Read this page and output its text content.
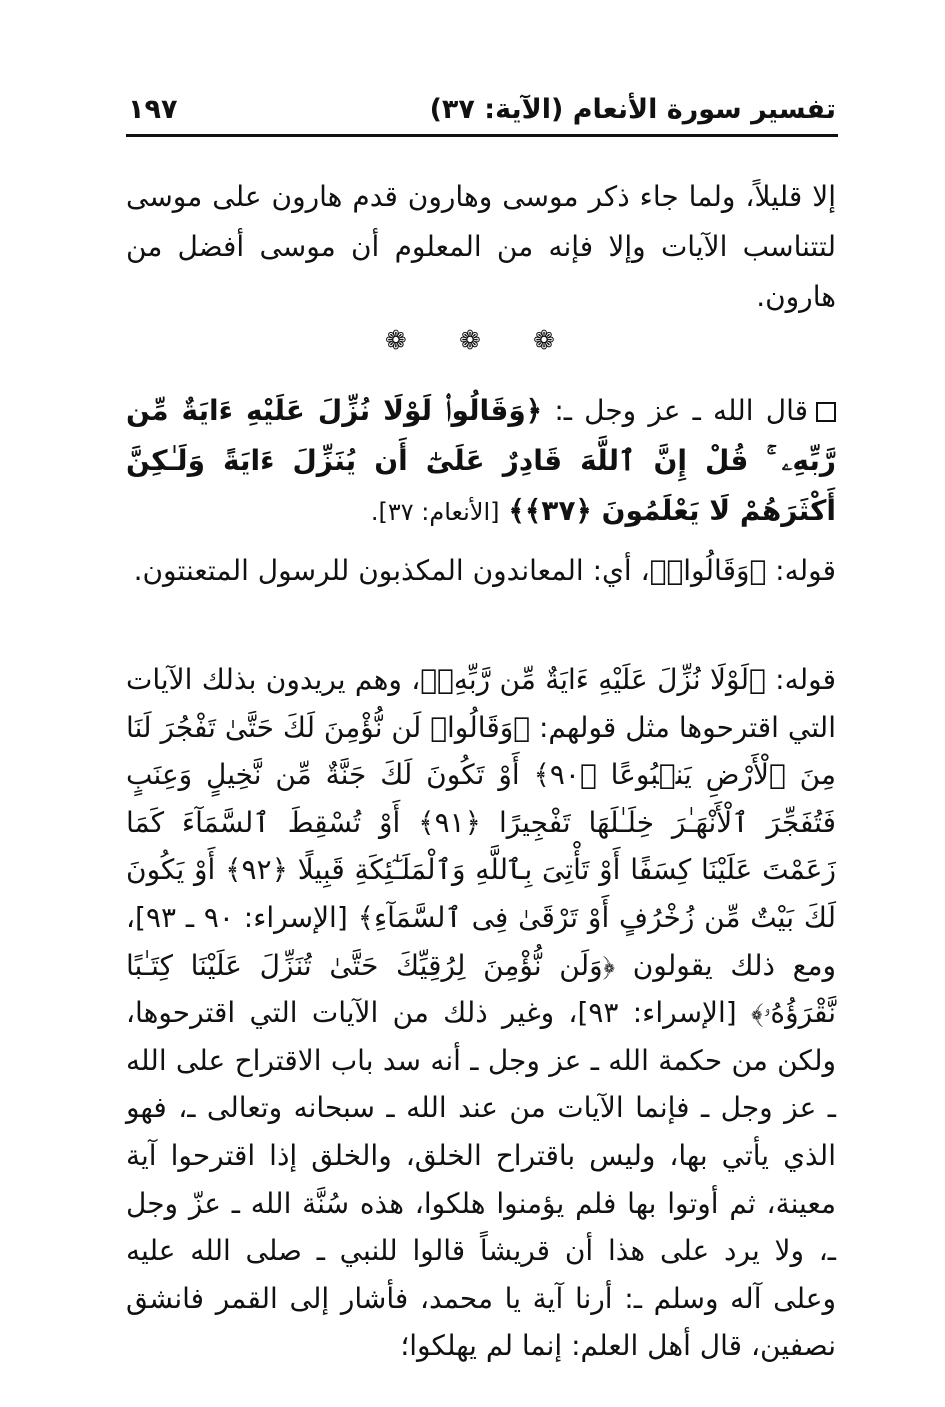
تفسير سورة الأنعام (الآية: ٣٧)
١٩٧

إلا قليلاً، ولما جاء ذكر موسى وهارون قدم هارون على موسى لتتناسب الآيات وإلا فإنه من المعلوم أن موسى أفضل من هارون.

❁ ❁ ❁

قال الله ـ عز وجل ـ: ﴿وَقَالُوا۟ لَوْلَا نُزِّلَ عَلَيْهِ ءَايَةٌ مِّن رَّبِّهِۦ ۚ قُلْ إِنَّ ٱللَّهَ قَادِرٌ عَلَىٰٓ أَن يُنَزِّلَ ءَايَةً وَلَـٰكِنَّ أَكْثَرَهُمْ لَا يَعْلَمُونَ ﴿٣٧﴾﴾ [الأنعام: ٣٧].

قوله: ﴿وَقَالُوا۟﴾، أي: المعاندون المكذبون للرسول المتعنتون.

قوله: ﴿لَوْلَا نُزِّلَ عَلَيْهِ ءَايَةٌ مِّن رَّبِّهِۦ﴾، وهم يريدون بذلك الآيات التي اقترحوها مثل قولهم: ﴿وَقَالُوا۟ لَن نُّؤْمِنَ لَكَ حَتَّىٰ تَفْجُرَ لَنَا مِنَ ٱلْأَرْضِ يَنۢبُوعًا ﴿٩٠﴾ أَوْ تَكُونَ لَكَ جَنَّةٌ مِّن نَّخِيلٍ وَعِنَبٍ فَتُفَجِّرَ ٱلْأَنْهَـٰرَ خِلَـٰلَهَا تَفْجِيرًا ﴿٩١﴾ أَوْ تُسْقِطَ ٱلسَّمَآءَ كَمَا زَعَمْتَ عَلَيْنَا كِسَفًا أَوْ تَأْتِىَ بِٱللَّهِ وَٱلْمَلَـٰٓئِكَةِ قَبِيلًا ﴿٩٢﴾ أَوْ يَكُونَ لَكَ بَيْتٌ مِّن زُخْرُفٍ أَوْ تَرْقَىٰ فِى ٱلسَّمَآءِ﴾ [الإسراء: ٩٠ ـ ٩٣]، ومع ذلك يقولون ﴿وَلَن نُّؤْمِنَ لِرُقِيِّكَ حَتَّىٰ تُنَزِّلَ عَلَيْنَا كِتَـٰبًا نَّقْرَؤُهُۥ﴾ [الإسراء: ٩٣]، وغير ذلك من الآيات التي اقترحوها، ولكن من حكمة الله ـ عز وجل ـ أنه سد باب الاقتراح على الله ـ عز وجل ـ فإنما الآيات من عند الله ـ سبحانه وتعالى ـ، فهو الذي يأتي بها، وليس باقتراح الخلق، والخلق إذا اقترحوا آية معينة، ثم أوتوا بها فلم يؤمنوا هلكوا، هذه سُنَّة الله ـ عزّ وجل ـ، ولا يرد على هذا أن قريشاً قالوا للنبي ـ صلى الله عليه وعلى آله وسلم ـ: أرنا آية يا محمد، فأشار إلى القمر فانشق نصفين، قال أهل العلم: إنما لم يهلكوا؛
